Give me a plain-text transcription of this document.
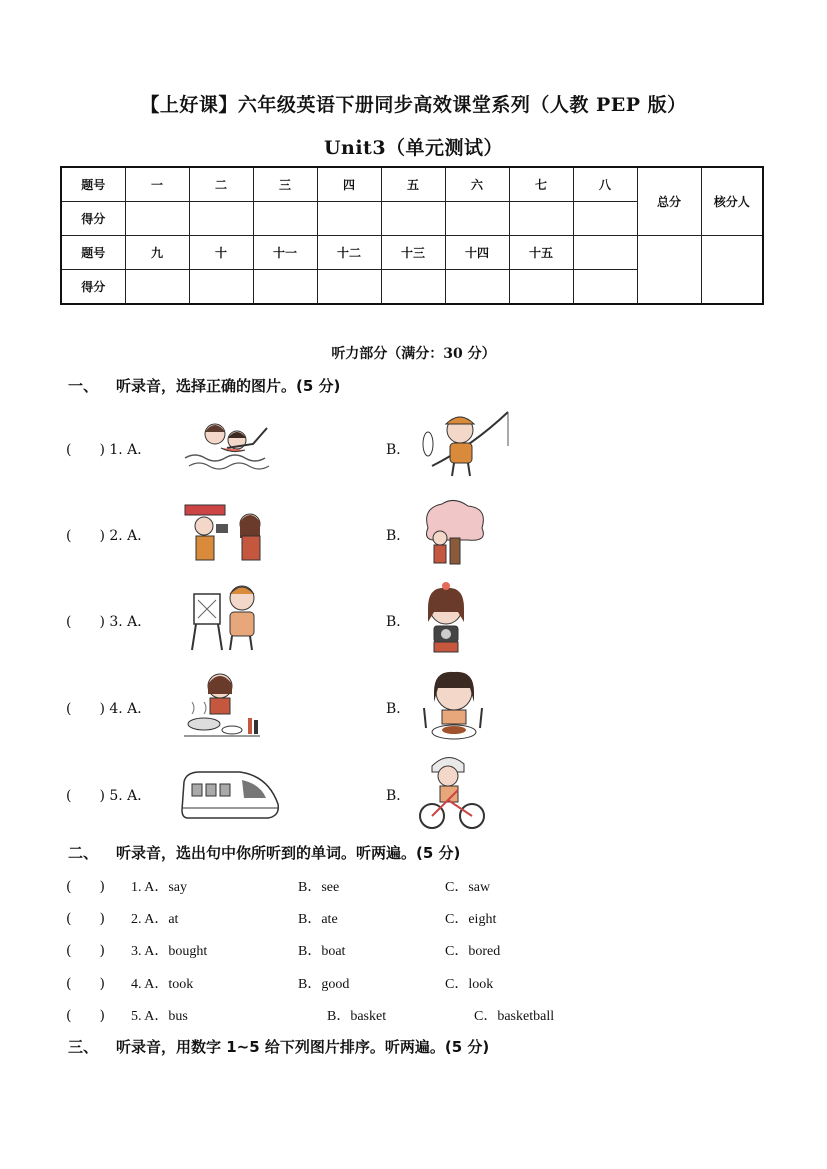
【上好课】六年级英语下册同步高效课堂系列（人教 PEP 版）
Unit3（单元测试）
题号	一	二	三	四	五	六	七	八	总分	核分人
得分										
题号	九	十	十一	十二	十三	十四	十五			
得分										
听力部分（满分：30 分）
一、 听录音，选择正确的图片。(5 分)
(　　) 1. A．	B．
(　　) 2. A．	B．
(　　) 3. A．	B．
(　　) 4. A．	B．
(　　) 5. A．	B．
二、 听录音，选出句中你所听到的单词。听两遍。(5 分)
(　　) 1. A．say	B．see	C．saw
(　　) 2. A．at	B．ate	C．eight
(　　) 3. A．bought	B．boat	C．bored
(　　) 4. A．took	B．good	C．look
(　　) 5. A．bus	B．basket	C．basketball
三、 听录音，用数字 1~5 给下列图片排序。听两遍。(5 分)
